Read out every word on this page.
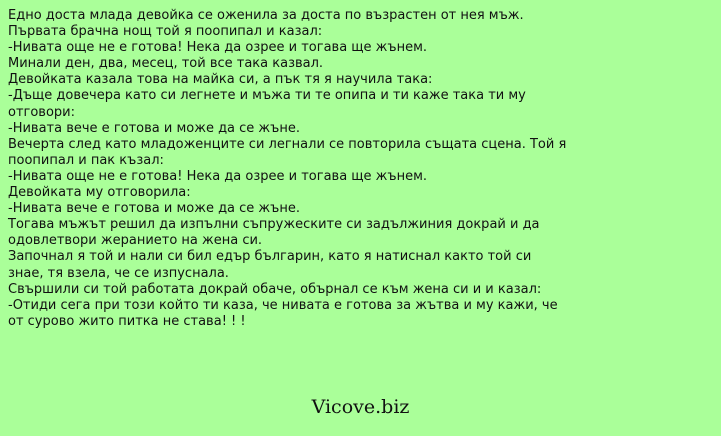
Едно доста млада девойка се оженила за доста по възрастен от нея мъж.
Първата брачна нощ той я поопипал и казал:
-Нивата още не е готова! Нека да озрее и тогава ще жънем.
Минали ден, два, месец, той все така казвал.
Девойката казала това на майка си, а пък тя я научила така:
-Дъще довечера като си легнете и мъжа ти те опипа и ти каже така ти му отговори:
-Нивата вече е готова и може да се жъне.
Вечерта след като младоженците си легнали се повторила същата сцена. Той я поопипал и пак къзал:
-Нивата още не е готова! Нека да озрее и тогава ще жънем.
Девойката му отговорила:
-Нивата вече е готова и може да се жъне.
Тогава мъжът решил да изпълни съпружеските си задължиния докрай и да одовлетвори жеранието на жена си.
Започнал я той и нали си бил едър българин, като я натиснал както той си знае, тя взела, че се изпуснала.
Свършили си той работата докрай обаче, обърнал се към жена си и и казал:
-Отиди сега при този който ти каза, че нивата е готова за жътва и му кажи, че от сурово жито питка не става! ! !
Vicove.biz
